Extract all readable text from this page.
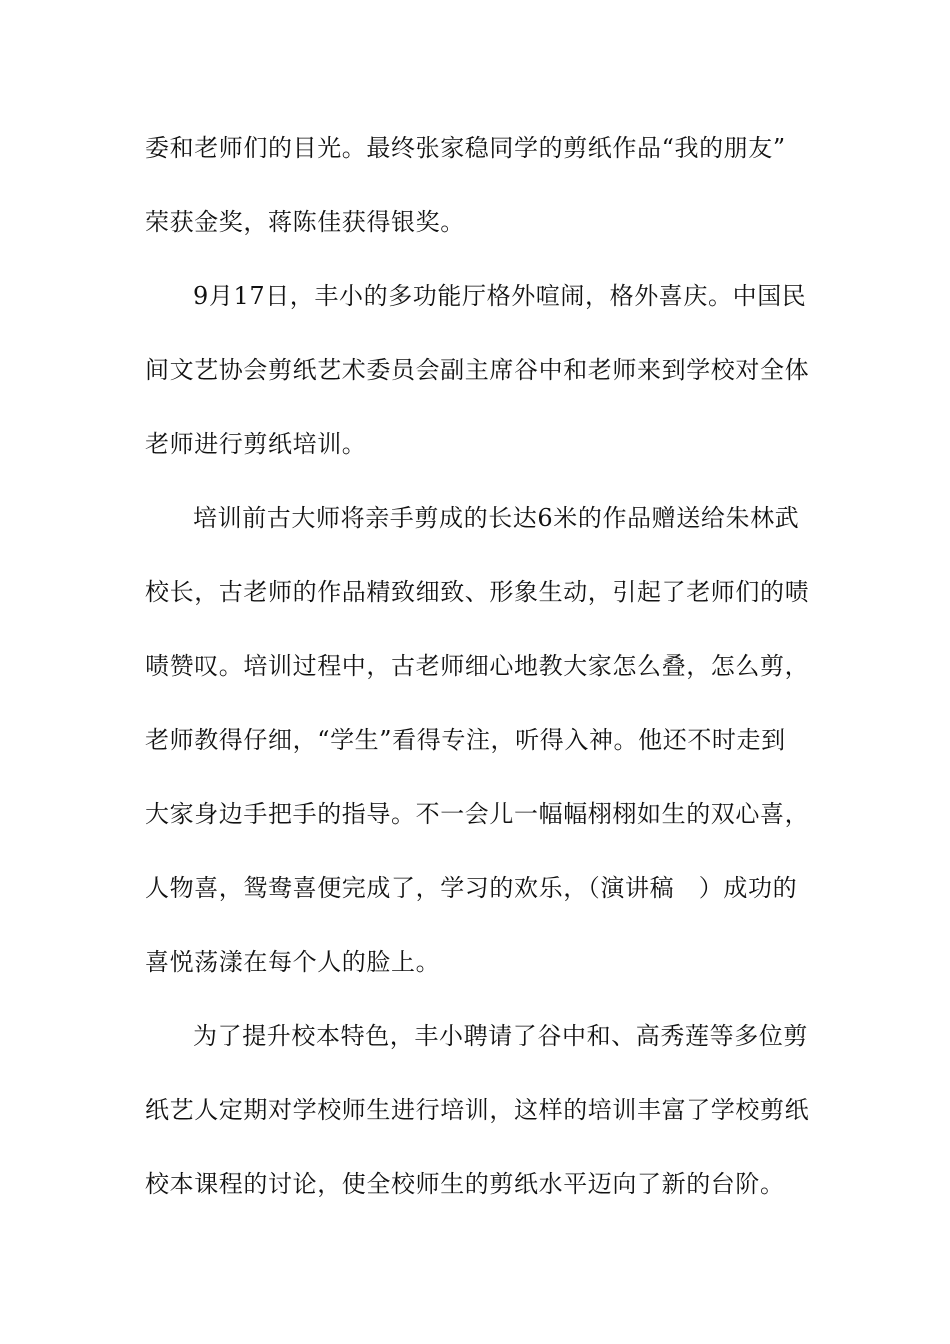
委和老师们的目光。最终张家稳同学的剪纸作品“我的朋友”
荣获金奖，蒋陈佳获得银奖。
9月17日，丰小的多功能厅格外喧闹，格外喜庆。中国民
间文艺协会剪纸艺术委员会副主席谷中和老师来到学校对全体
老师进行剪纸培训。
培训前古大师将亲手剪成的长达6米的作品赠送给朱林武
校长，古老师的作品精致细致、形象生动，引起了老师们的啧
啧赞叹。培训过程中，古老师细心地教大家怎么叠，怎么剪，
老师教得仔细，“学生”看得专注，听得入神。他还不时走到
大家身边手把手的指导。不一会儿一幅幅栩栩如生的双心喜，
人物喜，鸳鸯喜便完成了，学习的欢乐，（演讲稿　）成功的
喜悦荡漾在每个人的脸上。
为了提升校本特色，丰小聘请了谷中和、高秀莲等多位剪
纸艺人定期对学校师生进行培训，这样的培训丰富了学校剪纸
校本课程的讨论，使全校师生的剪纸水平迈向了新的台阶。
